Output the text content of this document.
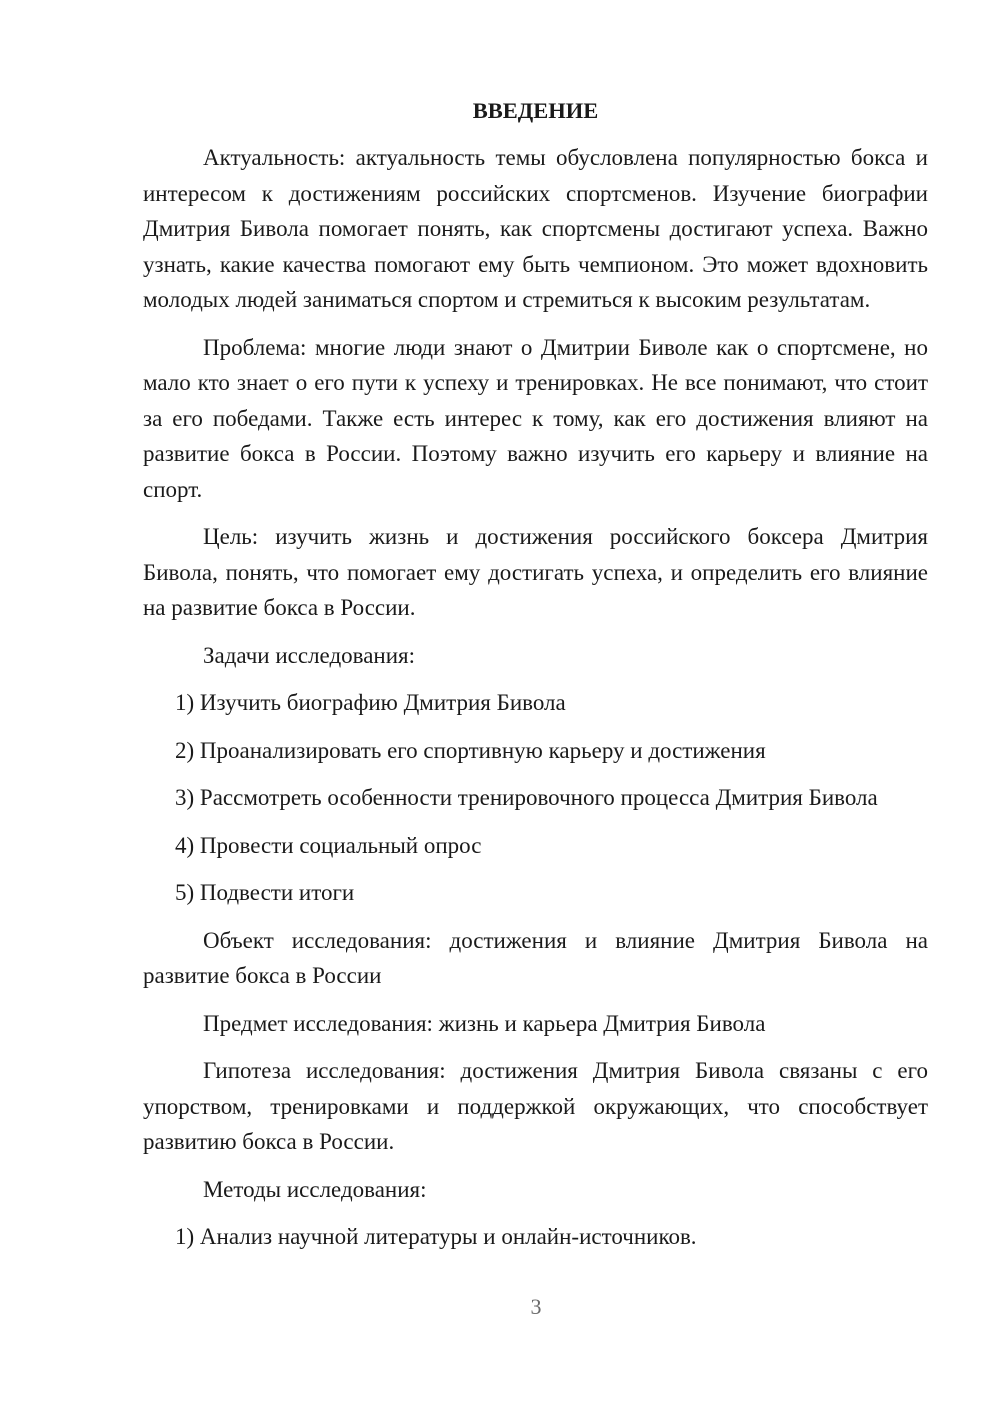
ВВЕДЕНИЕ

Актуальность: актуальность темы обусловлена популярностью бокса и интересом к достижениям российских спортсменов. Изучение биографии Дмитрия Бивола помогает понять, как спортсмены достигают успеха. Важно узнать, какие качества помогают ему быть чемпионом. Это может вдохновить молодых людей заниматься спортом и стремиться к высоким результатам.

Проблема: многие люди знают о Дмитрии Биволе как о спортсмене, но мало кто знает о его пути к успеху и тренировках. Не все понимают, что стоит за его победами. Также есть интерес к тому, как его достижения влияют на развитие бокса в России. Поэтому важно изучить его карьеру и влияние на спорт.

Цель: изучить жизнь и достижения российского боксера Дмитрия Бивола, понять, что помогает ему достигать успеха, и определить его влияние на развитие бокса в России.

Задачи исследования:

1) Изучить биографию Дмитрия Бивола

2) Проанализировать его спортивную карьеру и достижения

3) Рассмотреть особенности тренировочного процесса Дмитрия Бивола

4) Провести социальный опрос

5) Подвести итоги

Объект исследования: достижения и влияние Дмитрия Бивола на развитие бокса в России

Предмет исследования: жизнь и карьера Дмитрия Бивола

Гипотеза исследования: достижения Дмитрия Бивола связаны с его упорством, тренировками и поддержкой окружающих, что способствует развитию бокса в России.

Методы исследования:

1) Анализ научной литературы и онлайн-источников.

3
